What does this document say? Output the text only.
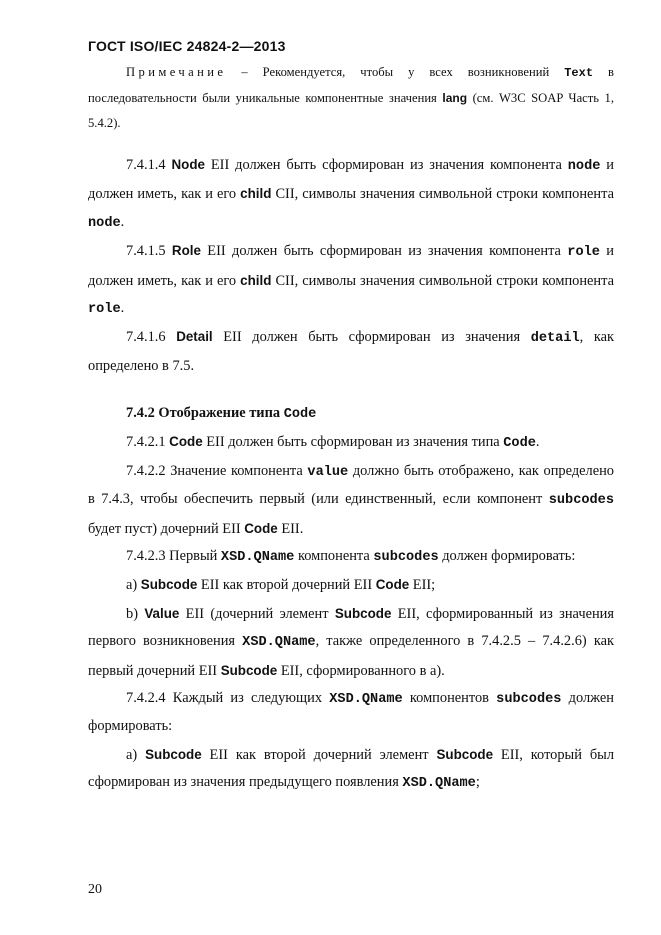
ГОСТ ISO/IEC 24824-2—2013
Примечание – Рекомендуется, чтобы у всех возникновений Text в последовательности были уникальные компонентные значения lang (см. W3C SOAP Часть 1, 5.4.2).

7.4.1.4 Node EII должен быть сформирован из значения компонента node и должен иметь, как и его child CII, символы значения символьной строки компонента node.

7.4.1.5 Role EII должен быть сформирован из значения компонента role и должен иметь, как и его child CII, символы значения символьной строки компонента role.

7.4.1.6 Detail EII должен быть сформирован из значения detail, как определено в 7.5.

7.4.2 Отображение типа Code

7.4.2.1 Code EII должен быть сформирован из значения типа Code.

7.4.2.2 Значение компонента value должно быть отображено, как определено в 7.4.3, чтобы обеспечить первый (или единственный, если компонент subcodes будет пуст) дочерний EII Code EII.

7.4.2.3 Первый XSD.QName компонента subcodes должен формировать:

а) Subcode EII как второй дочерний EII Code EII;

b) Value EII (дочерний элемент Subcode EII, сформированный из значения первого возникновения XSD.QName, также определенного в 7.4.2.5 – 7.4.2.6) как первый дочерний EII Subcode EII, сформированного в а).

7.4.2.4 Каждый из следующих XSD.QName компонентов subcodes должен формировать:

а) Subcode EII как второй дочерний элемент Subcode EII, который был сформирован из значения предыдущего появления XSD.QName;

20
